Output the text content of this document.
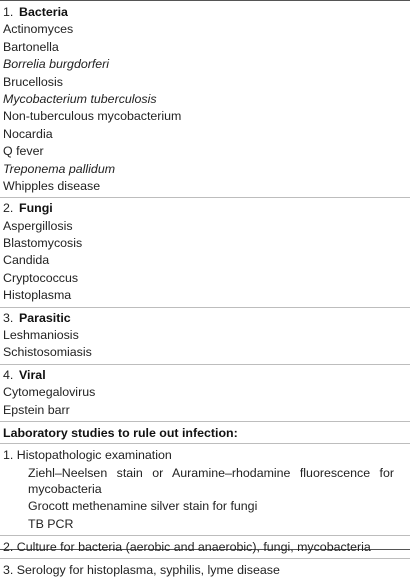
1. Bacteria
Actinomyces
Bartonella
Borrelia burgdorferi
Brucellosis
Mycobacterium tuberculosis
Non-tuberculous mycobacterium
Nocardia
Q fever
Treponema pallidum
Whipples disease
2. Fungi
Aspergillosis
Blastomycosis
Candida
Cryptococcus
Histoplasma
3. Parasitic
Leshmaniosis
Schistosomiasis
4. Viral
Cytomegalovirus
Epstein barr
Laboratory studies to rule out infection:
1. Histopathologic examination
Ziehl–Neelsen stain or Auramine–rhodamine fluorescence for mycobacteria
Grocott methenamine silver stain for fungi
TB PCR
2. Culture for bacteria (aerobic and anaerobic), fungi, mycobacteria
3. Serology for histoplasma, syphilis, lyme disease
